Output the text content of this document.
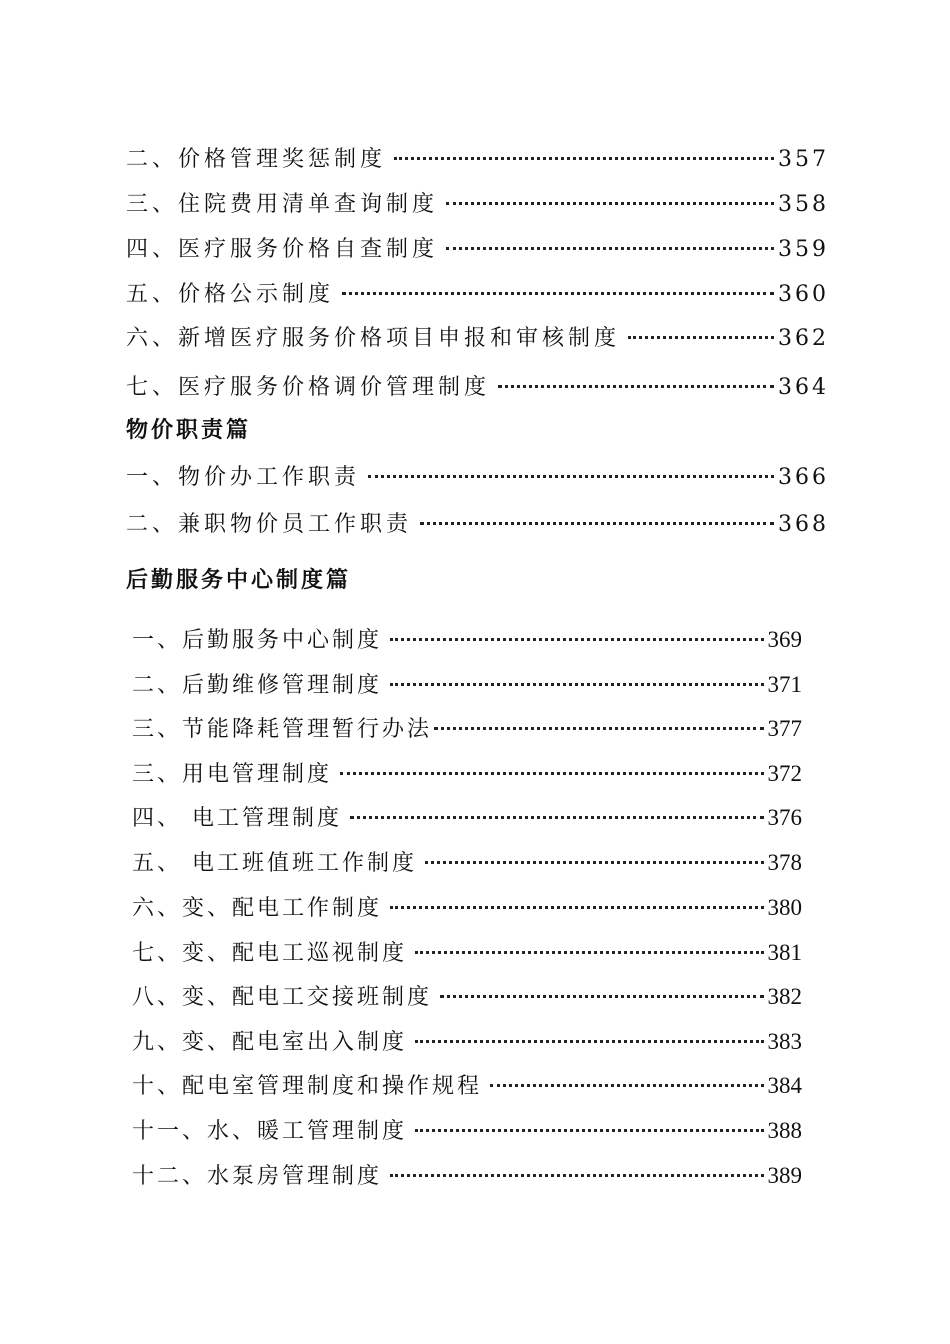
二、价格管理奖惩制度	357
三、住院费用清单查询制度	358
四、医疗服务价格自查制度	359
五、价格公示制度	360
六、新增医疗服务价格项目申报和审核制度	362
七、医疗服务价格调价管理制度	364
物价职责篇
一、物价办工作职责	366
二、兼职物价员工作职责	368
后勤服务中心制度篇
一、后勤服务中心制度	369
二、后勤维修管理制度	371
三、节能降耗管理暂行办法	377
三、用电管理制度	372
四、 电工管理制度	376
五、 电工班值班工作制度	378
六、变、配电工作制度	380
七、变、配电工巡视制度	381
八、变、配电工交接班制度	382
九、变、配电室出入制度	383
十、配电室管理制度和操作规程	384
十一、水、暖工管理制度	388
十二、水泵房管理制度	389
